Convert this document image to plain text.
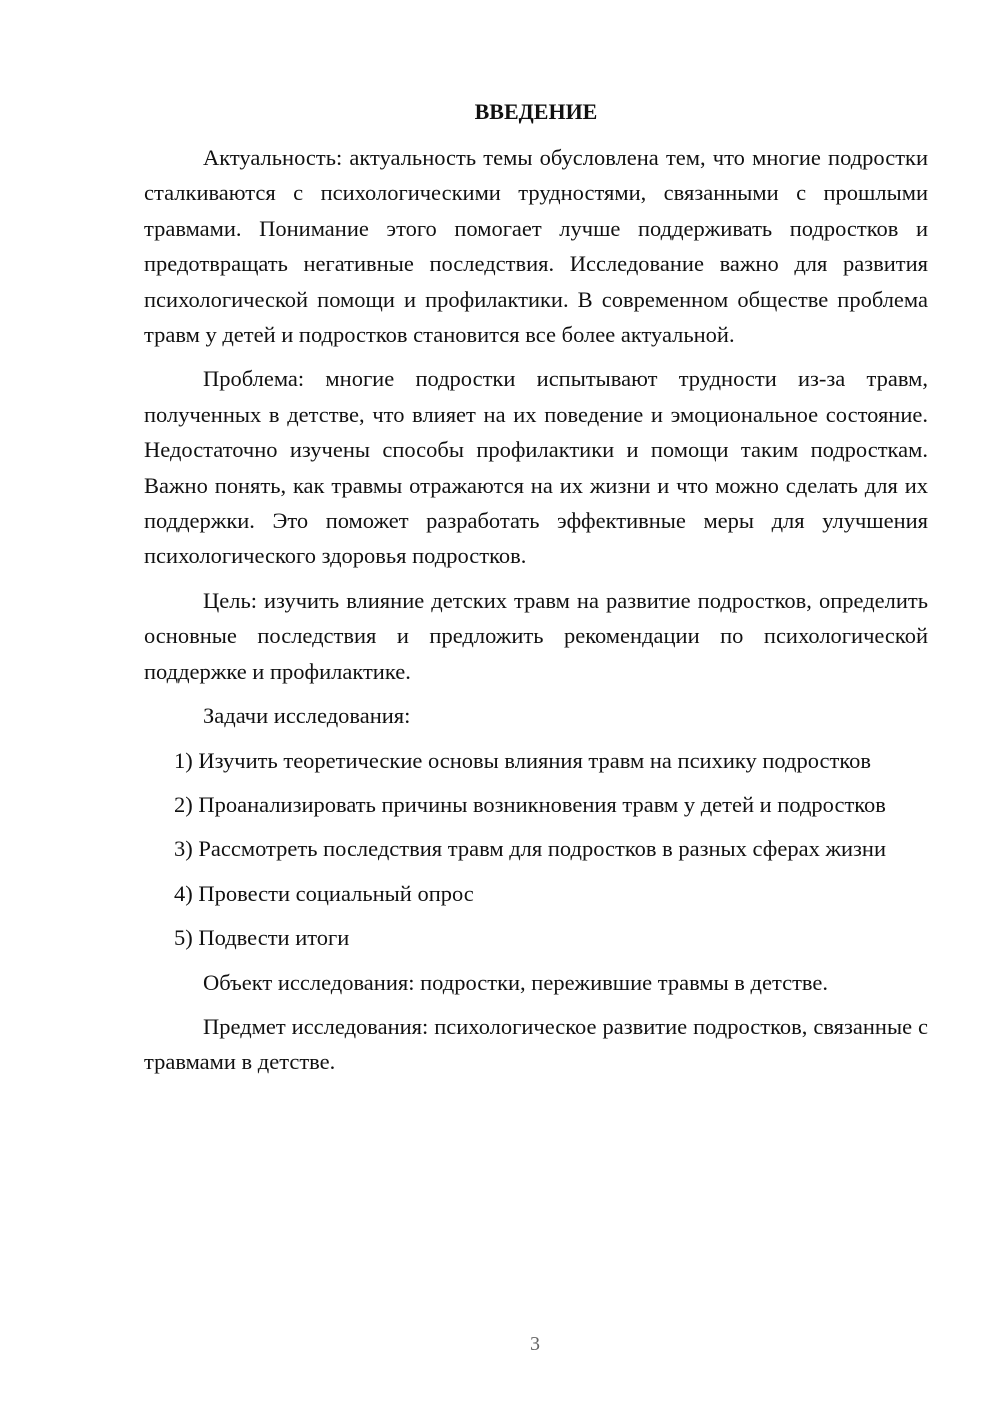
ВВЕДЕНИЕ

Актуальность: актуальность темы обусловлена тем, что многие подростки сталкиваются с психологическими трудностями, связанными с прошлыми травмами. Понимание этого помогает лучше поддерживать подростков и предотвращать негативные последствия. Исследование важно для развития психологической помощи и профилактики. В современном обществе проблема травм у детей и подростков становится все более актуальной.

Проблема: многие подростки испытывают трудности из-за травм, полученных в детстве, что влияет на их поведение и эмоциональное состояние. Недостаточно изучены способы профилактики и помощи таким подросткам. Важно понять, как травмы отражаются на их жизни и что можно сделать для их поддержки. Это поможет разработать эффективные меры для улучшения психологического здоровья подростков.

Цель: изучить влияние детских травм на развитие подростков, определить основные последствия и предложить рекомендации по психологической поддержке и профилактике.

Задачи исследования:

1) Изучить теоретические основы влияния травм на психику подростков

2) Проанализировать причины возникновения травм у детей и подростков

3) Рассмотреть последствия травм для подростков в разных сферах жизни

4) Провести социальный опрос

5) Подвести итоги

Объект исследования: подростки, пережившие травмы в детстве.

Предмет исследования: психологическое развитие подростков, связанные с травмами в детстве.

3
